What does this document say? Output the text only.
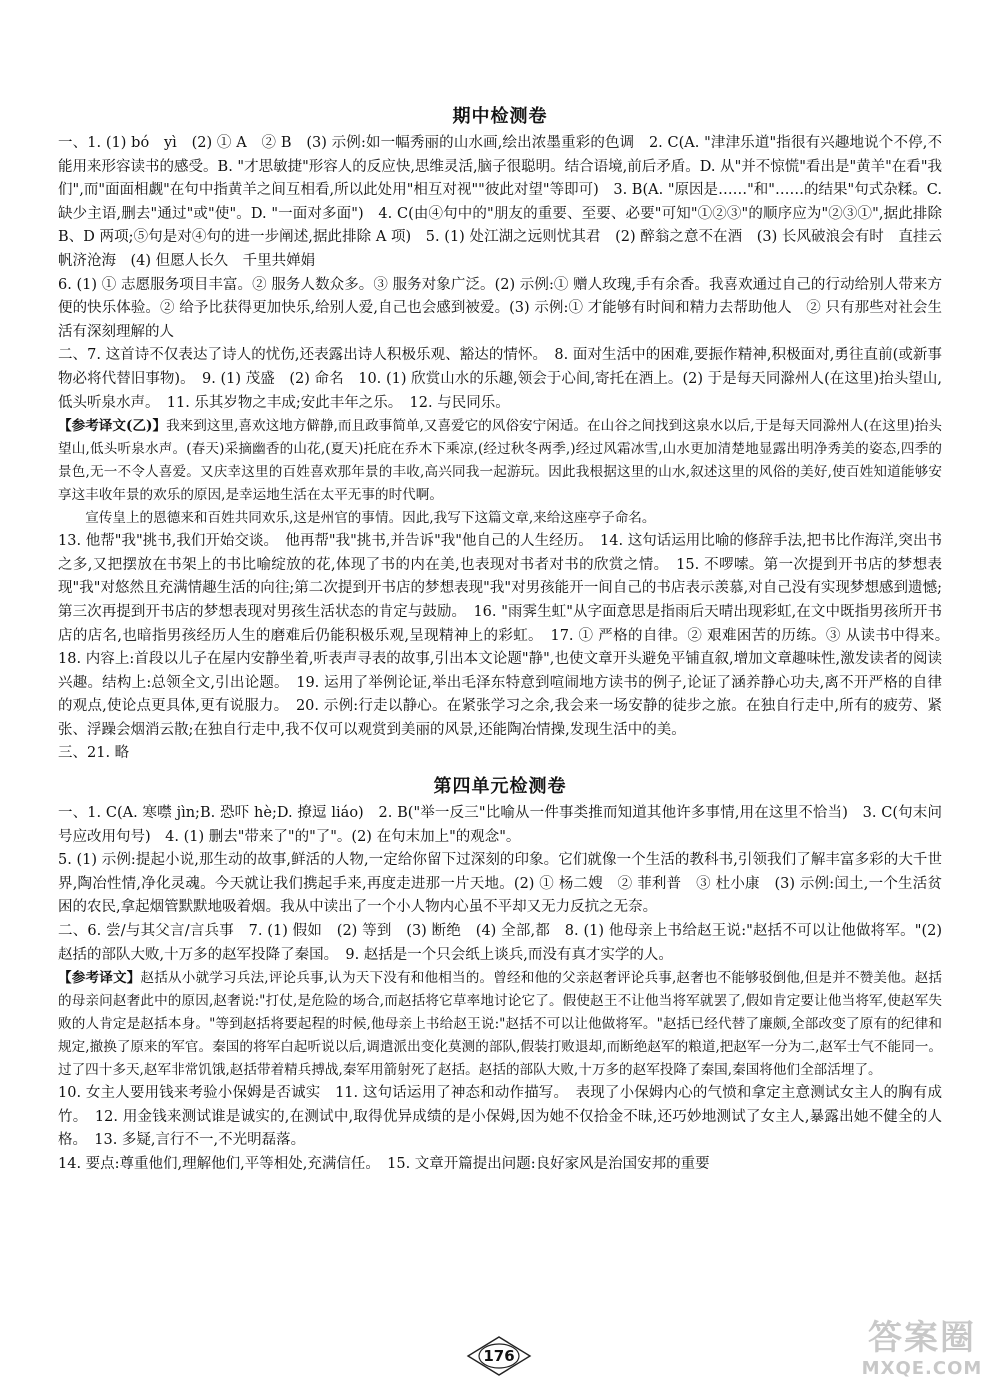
期中检测卷

一、1. (1) bó　yì　(2) ① A　② B　(3) 示例:如一幅秀丽的山水画,绘出浓墨重彩的色调　2. C(A. "津津乐道"指很有兴趣地说个不停,不能用来形容读书的感受。B. "才思敏捷"形容人的反应快,思维灵活,脑子很聪明。结合语境,前后矛盾。D. 从"并不惊慌"看出是"黄羊"在看"我们",而"面面相觑"在句中指黄羊之间互相看,所以此处用"相互对视""彼此对望"等即可)　3. B(A. "原因是……"和"……的结果"句式杂糅。C. 缺少主语,删去"通过"或"使"。D. "一面对多面")　4. C(由④句中的"朋友的重要、至要、必要"可知"①②③"的顺序应为"②③①",据此排除 B、D 两项;⑤句是对④句的进一步阐述,据此排除 A 项)　5. (1) 处江湖之远则忧其君　(2) 醉翁之意不在酒　(3) 长风破浪会有时　直挂云帆济沧海　(4) 但愿人长久　千里共婵娟

6. (1) ① 志愿服务项目丰富。② 服务人数众多。③ 服务对象广泛。(2) 示例:① 赠人玫瑰,手有余香。我喜欢通过自己的行动给别人带来方便的快乐体验。② 给予比获得更加快乐,给别人爱,自己也会感到被爱。(3) 示例:① 才能够有时间和精力去帮助他人　② 只有那些对社会生活有深刻理解的人

二、7. 这首诗不仅表达了诗人的忧伤,还表露出诗人积极乐观、豁达的情怀。　8. 面对生活中的困难,要振作精神,积极面对,勇往直前(或新事物必将代替旧事物)。　9. (1) 茂盛　(2) 命名　10. (1) 欣赏山水的乐趣,领会于心间,寄托在酒上。(2) 于是每天同滁州人(在这里)抬头望山,低头听泉水声。　11. 乐其岁物之丰成;安此丰年之乐。　12. 与民同乐。

【参考译文(乙)】我来到这里,喜欢这地方僻静,而且政事简单,又喜爱它的风俗安宁闲适。在山谷之间找到这泉水以后,于是每天同滁州人(在这里)抬头望山,低头听泉水声。(春天)采摘幽香的山花,(夏天)托庇在乔木下乘凉,(经过秋冬两季,)经过风霜冰雪,山水更加清楚地显露出明净秀美的姿态,四季的景色,无一不令人喜爱。又庆幸这里的百姓喜欢那年景的丰收,高兴同我一起游玩。因此我根据这里的山水,叙述这里的风俗的美好,使百姓知道能够安享这丰收年景的欢乐的原因,是幸运地生活在太平无事的时代啊。

宣传皇上的恩德来和百姓共同欢乐,这是州官的事情。因此,我写下这篇文章,来给这座亭子命名。

13. 他帮"我"挑书,我们开始交谈。　他再帮"我"挑书,并告诉"我"他自己的人生经历。　14. 这句话运用比喻的修辞手法,把书比作海洋,突出书之多,又把摆放在书架上的书比喻绽放的花,体现了书的内在美,也表现对书者对书的欣赏之情。　15. 不啰嗦。第一次提到开书店的梦想表现"我"对悠然且充满情趣生活的向往;第二次提到开书店的梦想表现"我"对男孩能开一间自己的书店表示羡慕,对自己没有实现梦想感到遗憾;第三次再提到开书店的梦想表现对男孩生活状态的肯定与鼓励。　16. "雨霁生虹"从字面意思是指雨后天晴出现彩虹,在文中既指男孩所开书店的店名,也暗指男孩经历人生的磨难后仍能积极乐观,呈现精神上的彩虹。　17. ① 严格的自律。② 艰难困苦的历练。③ 从读书中得来。　18. 内容上:首段以儿子在屋内安静坐着,听表声寻表的故事,引出本文论题"静",也使文章开头避免平铺直叙,增加文章趣味性,激发读者的阅读兴趣。结构上:总领全文,引出论题。　19. 运用了举例论证,举出毛泽东特意到喧闹地方读书的例子,论证了涵养静心功夫,离不开严格的自律的观点,使论点更具体,更有说服力。　20. 示例:行走以静心。在紧张学习之余,我会来一场安静的徒步之旅。在独自行走中,所有的疲劳、紧张、浮躁会烟消云散;在独自行走中,我不仅可以观赏到美丽的风景,还能陶冶情操,发现生活中的美。

三、21. 略

第四单元检测卷

一、1. C(A. 寒噤 jìn;B. 恐吓 hè;D. 撩逗 liáo)　2. B("举一反三"比喻从一件事类推而知道其他许多事情,用在这里不恰当)　3. C(句末问号应改用句号)　4. (1) 删去"带来了"的"了"。(2) 在句末加上"的观念"。

5. (1) 示例:提起小说,那生动的故事,鲜活的人物,一定给你留下过深刻的印象。它们就像一个生活的教科书,引领我们了解丰富多彩的大千世界,陶冶性情,净化灵魂。今天就让我们携起手来,再度走进那一片天地。(2) ① 杨二嫂　② 菲利普　③ 杜小康　(3) 示例:闰土,一个生活贫困的农民,拿起烟管默默地吸着烟。我从中读出了一个小人物内心虽不平却又无力反抗之无奈。

二、6. 尝/与其父言/言兵事　7. (1) 假如　(2) 等到　(3) 断绝　(4) 全部,都　8. (1) 他母亲上书给赵王说:"赵括不可以让他做将军。"(2) 赵括的部队大败,十万多的赵军投降了秦国。　9. 赵括是一个只会纸上谈兵,而没有真才实学的人。

【参考译文】赵括从小就学习兵法,评论兵事,认为天下没有和他相当的。曾经和他的父亲赵奢评论兵事,赵奢也不能够驳倒他,但是并不赞美他。赵括的母亲问赵奢此中的原因,赵奢说:"打仗,是危险的场合,而赵括将它草率地讨论它了。假使赵王不让他当将军就罢了,假如肯定要让他当将军,使赵军失败的人肯定是赵括本身。"等到赵括将要起程的时候,他母亲上书给赵王说:"赵括不可以让他做将军。"赵括已经代替了廉颇,全部改变了原有的纪律和规定,撤换了原来的军官。秦国的将军白起听说以后,调遣派出变化莫测的部队,假装打败退却,而断绝赵军的粮道,把赵军一分为二,赵军士气不能同一。过了四十多天,赵军非常饥饿,赵括带着精兵搏战,秦军用箭射死了赵括。赵括的部队大败,十万多的赵军投降了秦国,秦国将他们全部活埋了。

10. 女主人要用钱来考验小保姆是否诚实　11. 这句话运用了神态和动作描写。　表现了小保姆内心的气愤和拿定主意测试女主人的胸有成竹。　12. 用金钱来测试谁是诚实的,在测试中,取得优异成绩的是小保姆,因为她不仅拾金不昧,还巧妙地测试了女主人,暴露出她不健全的人格。　13. 多疑,言行不一,不光明磊落。

14. 要点:尊重他们,理解他们,平等相处,充满信任。　15. 文章开篇提出问题:良好家风是治国安邦的重要

176	答案圈
MXQE.COM
